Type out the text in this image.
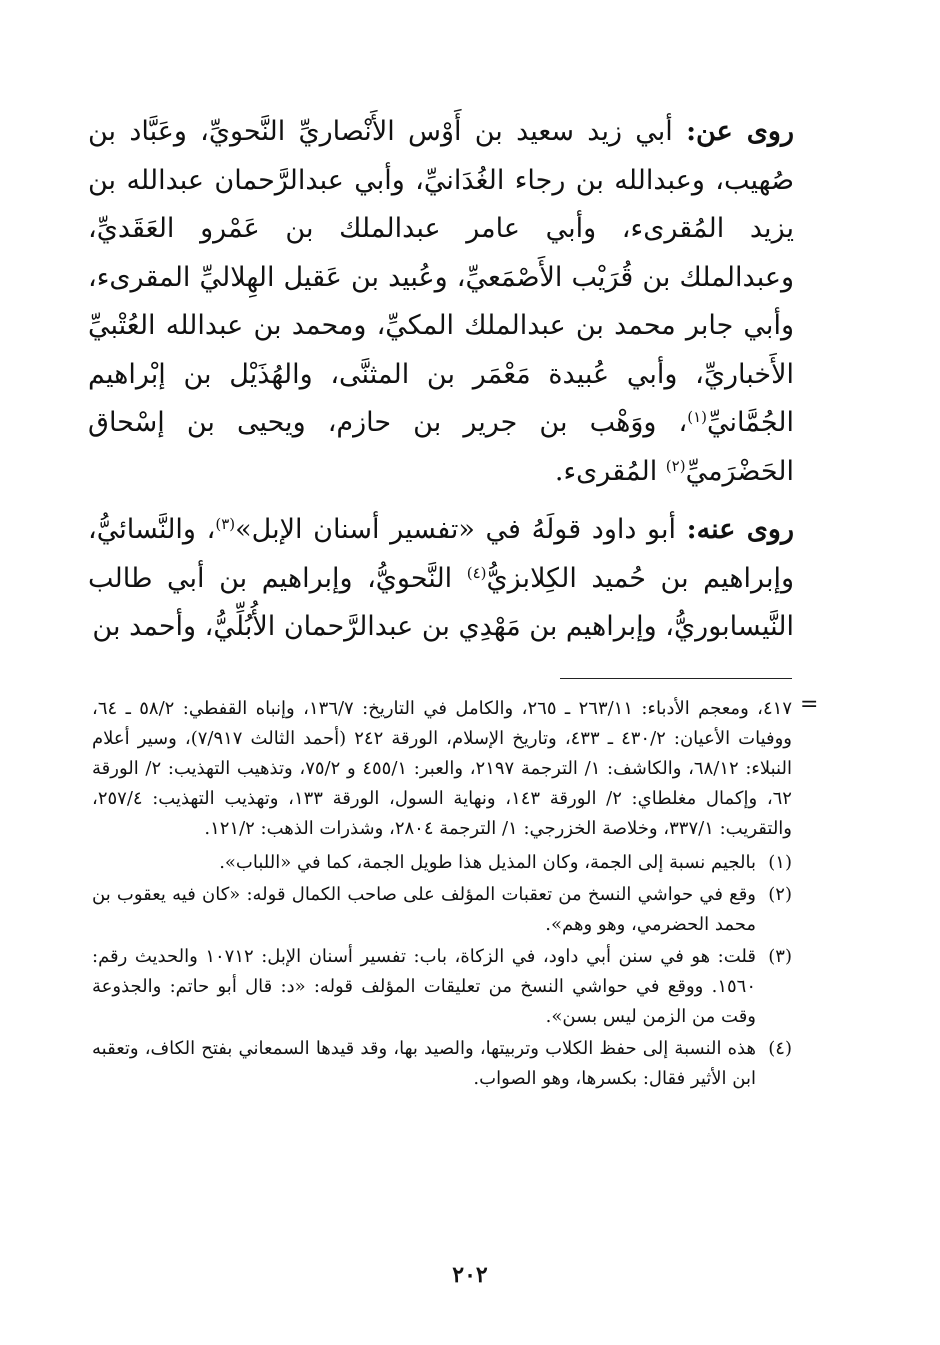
روى عن: أبي زيد سعيد بن أَوْس الأَنْصاريِّ النَّحويِّ، وعَبَّاد بن صُهيب، وعبدالله بن رجاء الغُدَانيِّ، وأبي عبدالرَّحمان عبدالله بن يزيد المُقرىء، وأبي عامر عبدالملك بن عَمْرو العَقَديِّ، وعبدالملك بن قُرَيْب الأَصْمَعيِّ، وعُبيد بن عَقيل الهِلاليِّ المقرىء، وأبي جابر محمد بن عبدالملك المكيِّ، ومحمد بن عبدالله العُتْبيِّ الأَخباريِّ، وأبي عُبيدة مَعْمَر بن المثنَّى، والهُذَيْل بن إبْراهيم الجُمَّانيِّ$^{(١)}$، ووَهْب بن جرير بن حازم، ويحيى بن إسْحاق الحَضْرَميِّ$^{(٢)}$ المُقرىء.

روى عنه: أبو داود قولَهُ في «تفسير أسنان الإبل»$^{(٣)}$، والنَّسائيُّ، وإبراهيم بن حُميد الكِلابزيُّ$^{(٤)}$ النَّحويُّ، وإبراهيم بن أبي طالب النَّيسابوريُّ، وإبراهيم بن مَهْدِي بن عبدالرَّحمان الأُبُلِّيُّ، وأحمد بن

=

٤١٧، ومعجم الأدباء: ٢٦٣/١١ ـ ٢٦٥، والكامل في التاريخ: ١٣٦/٧، وإنباه القفطي: ٥٨/٢ ـ ٦٤، ووفيات الأعيان: ٤٣٠/٢ ـ ٤٣٣، وتاريخ الإسلام، الورقة ٢٤٢ (أحمد الثالث ٧/٩١٧)، وسير أعلام النبلاء: ٦٨/١٢، والكاشف: ١/ الترجمة ٢١٩٧، والعبر: ٤٥٥/١ و ٧٥/٢، وتذهيب التهذيب: ٢/ الورقة ٦٢، وإكمال مغلطاي: ٢/ الورقة ١٤٣، ونهاية السول، الورقة ١٣٣، وتهذيب التهذيب: ٢٥٧/٤، والتقريب: ٣٣٧/١، وخلاصة الخزرجي: ١/ الترجمة ٢٨٠٤، وشذرات الذهب: ١٢١/٢.

(١)
بالجيم نسبة إلى الجمة، وكان المذيل هذا طويل الجمة، كما في «اللباب».
(٢)
وقع في حواشي النسخ من تعقبات المؤلف على صاحب الكمال قوله: «كان فيه يعقوب بن محمد الحضرمي، وهو وهم».
(٣)
قلت: هو في سنن أبي داود، في الزكاة، باب: تفسير أسنان الإبل: ١٠٧١٢ والحديث رقم: ١٥٦٠. ووقع في حواشي النسخ من تعليقات المؤلف قوله: «د: قال أبو حاتم: والجذوعة وقت من الزمن ليس بسن».
(٤)
هذه النسبة إلى حفظ الكلاب وتربيتها، والصيد بها، وقد قيدها السمعاني بفتح الكاف، وتعقبه ابن الأثير فقال: بكسرها، وهو الصواب.
٢٠٢
